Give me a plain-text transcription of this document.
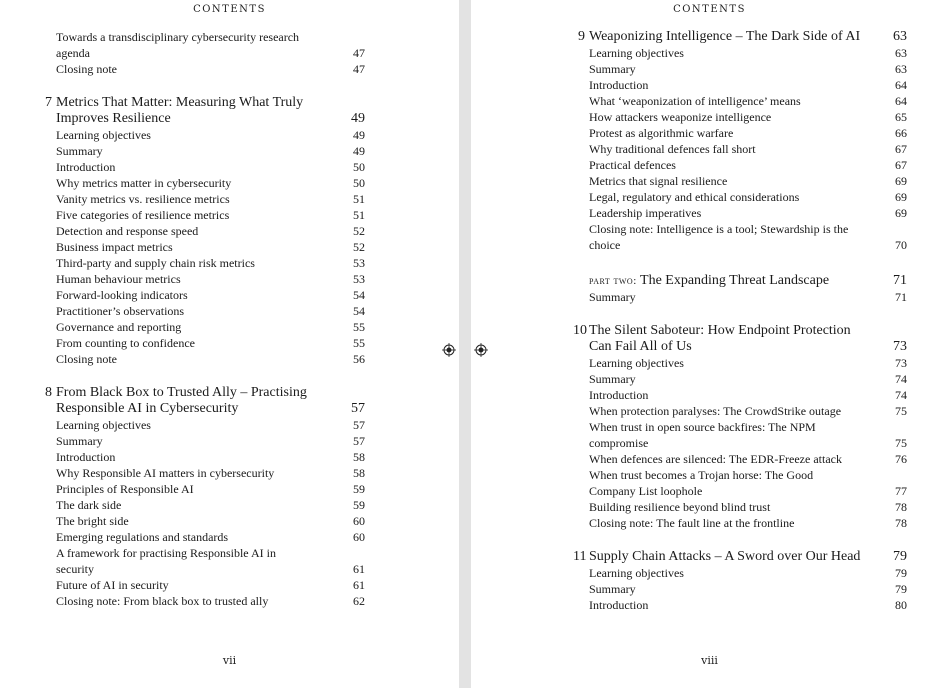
CONTENTS
Towards a transdisciplinary cybersecurity research
agenda	47
Closing note	47
7 Metrics That Matter: Measuring What Truly
Improves Resilience	49
Learning objectives	49
Summary	49
Introduction	50
Why metrics matter in cybersecurity	50
Vanity metrics vs. resilience metrics	51
Five categories of resilience metrics	51
Detection and response speed	52
Business impact metrics	52
Third-party and supply chain risk metrics	53
Human behaviour metrics	53
Forward-looking indicators	54
Practitioner’s observations	54
Governance and reporting	55
From counting to confidence	55
Closing note	56
8 From Black Box to Trusted Ally – Practising
Responsible AI in Cybersecurity	57
Learning objectives	57
Summary	57
Introduction	58
Why Responsible AI matters in cybersecurity	58
Principles of Responsible AI	59
The dark side	59
The bright side	60
Emerging regulations and standards	60
A framework for practising Responsible AI in
security	61
Future of AI in security	61
Closing note: From black box to trusted ally	62
vii
CONTENTS
9 Weaponizing Intelligence – The Dark Side of AI 63
Learning objectives	63
Summary	63
Introduction	64
What ‘weaponization of intelligence’ means	64
How attackers weaponize intelligence	65
Protest as algorithmic warfare	66
Why traditional defences fall short	67
Practical defences	67
Metrics that signal resilience	69
Legal, regulatory and ethical considerations	69
Leadership imperatives	69
Closing note: Intelligence is a tool; Stewardship is the
choice	70
part two: The Expanding Threat Landscape	71
Summary	71
10 The Silent Saboteur: How Endpoint Protection
Can Fail All of Us	73
Learning objectives	73
Summary	74
Introduction	74
When protection paralyses: The CrowdStrike outage	75
When trust in open source backfires: The NPM
compromise	75
When defences are silenced: The EDR-Freeze attack	76
When trust becomes a Trojan horse: The Good
Company List loophole	77
Building resilience beyond blind trust	78
Closing note: The fault line at the frontline	78
11 Supply Chain Attacks – A Sword over Our Head 79
Learning objectives	79
Summary	79
Introduction	80
viii
